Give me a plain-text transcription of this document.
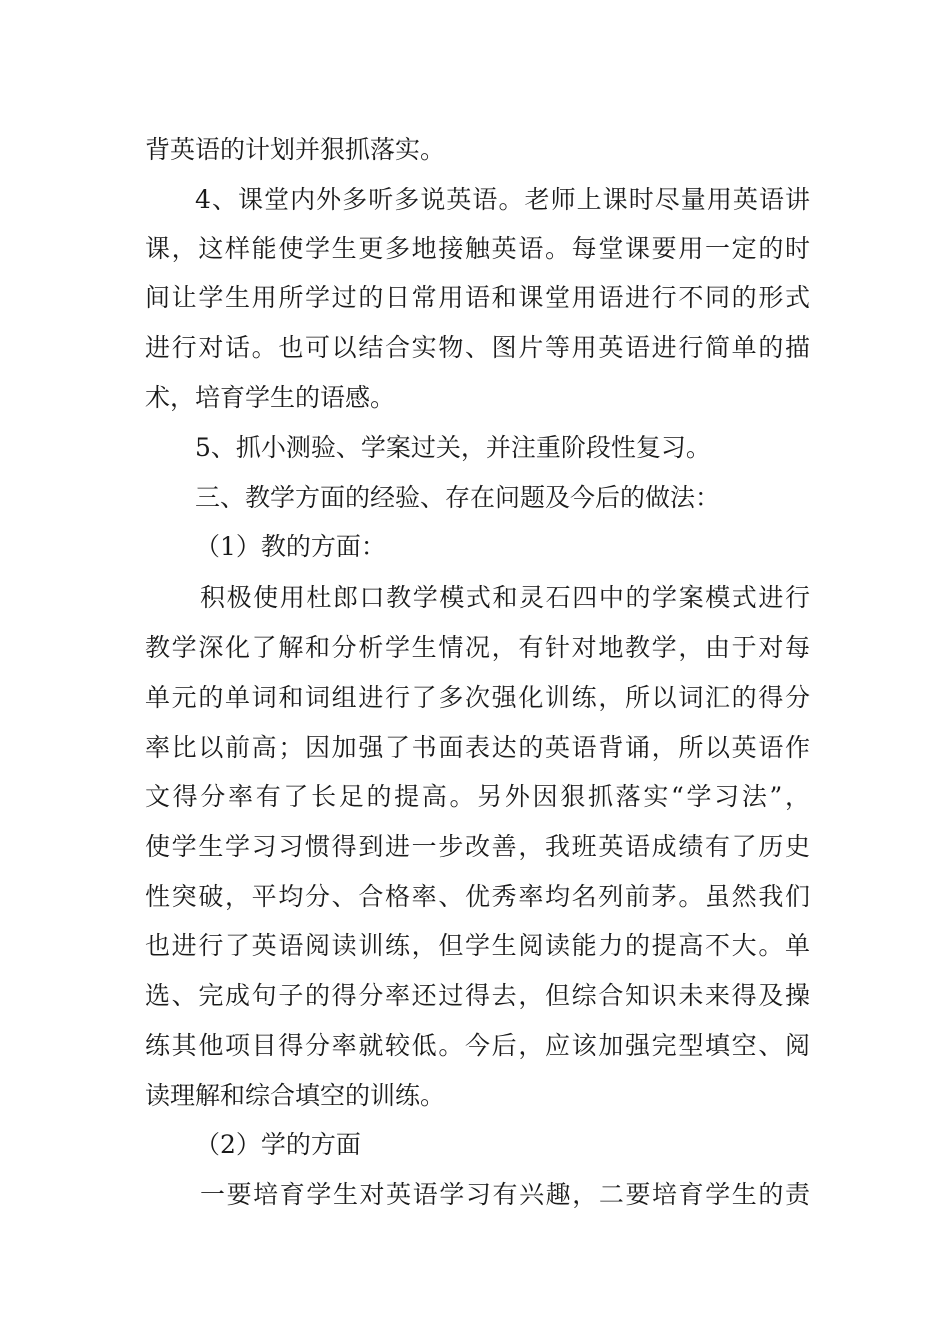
背英语的计划并狠抓落实。
4、课堂内外多听多说英语。老师上课时尽量用英语讲
课，这样能使学生更多地接触英语。每堂课要用一定的时
间让学生用所学过的日常用语和课堂用语进行不同的形式
进行对话。也可以结合实物、图片等用英语进行简单的描
术，培育学生的语感。
5、抓小测验、学案过关，并注重阶段性复习。
三、教学方面的经验、存在问题及今后的做法：
（1）教的方面：
积极使用杜郎口教学模式和灵石四中的学案模式进行
教学深化了解和分析学生情况，有针对地教学，由于对每
单元的单词和词组进行了多次强化训练，所以词汇的得分
率比以前高；因加强了书面表达的英语背诵，所以英语作
文得分率有了长足的提高。另外因狠抓落实“学习法”，
使学生学习习惯得到进一步改善，我班英语成绩有了历史
性突破，平均分、合格率、优秀率均名列前茅。虽然我们
也进行了英语阅读训练，但学生阅读能力的提高不大。单
选、完成句子的得分率还过得去，但综合知识未来得及操
练其他项目得分率就较低。今后，应该加强完型填空、阅
读理解和综合填空的训练。
（2）学的方面
一要培育学生对英语学习有兴趣，二要培育学生的责
